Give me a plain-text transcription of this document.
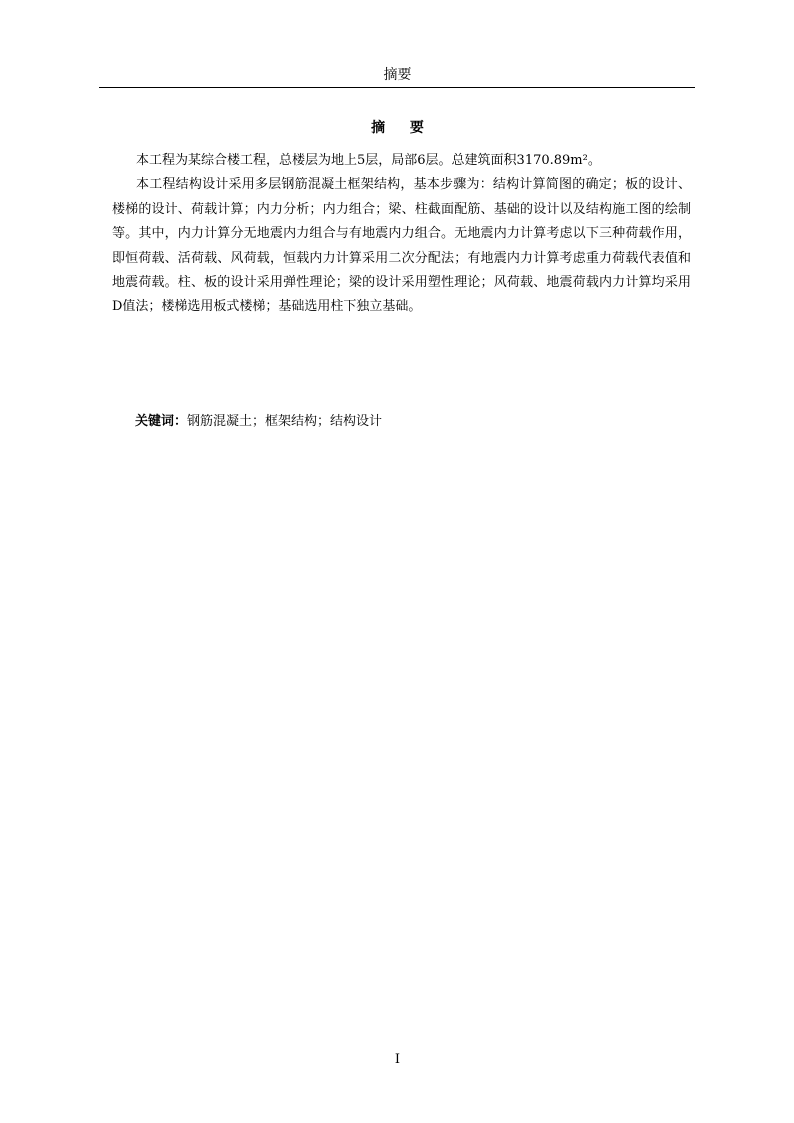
摘要
摘 要

本工程为某综合楼工程，总楼层为地上5层，局部6层。总建筑面积3170.89m²。

本工程结构设计采用多层钢筋混凝土框架结构，基本步骤为：结构计算简图的确定；板的设计、楼梯的设计、荷载计算；内力分析；内力组合；梁、柱截面配筋、基础的设计以及结构施工图的绘制等。其中，内力计算分无地震内力组合与有地震内力组合。无地震内力计算考虑以下三种荷载作用，即恒荷载、活荷载、风荷载，恒载内力计算采用二次分配法；有地震内力计算考虑重力荷载代表值和地震荷载。柱、板的设计采用弹性理论；梁的设计采用塑性理论；风荷载、地震荷载内力计算均采用D值法；楼梯选用板式楼梯；基础选用柱下独立基础。

关键词：钢筋混凝土；框架结构；结构设计
I
